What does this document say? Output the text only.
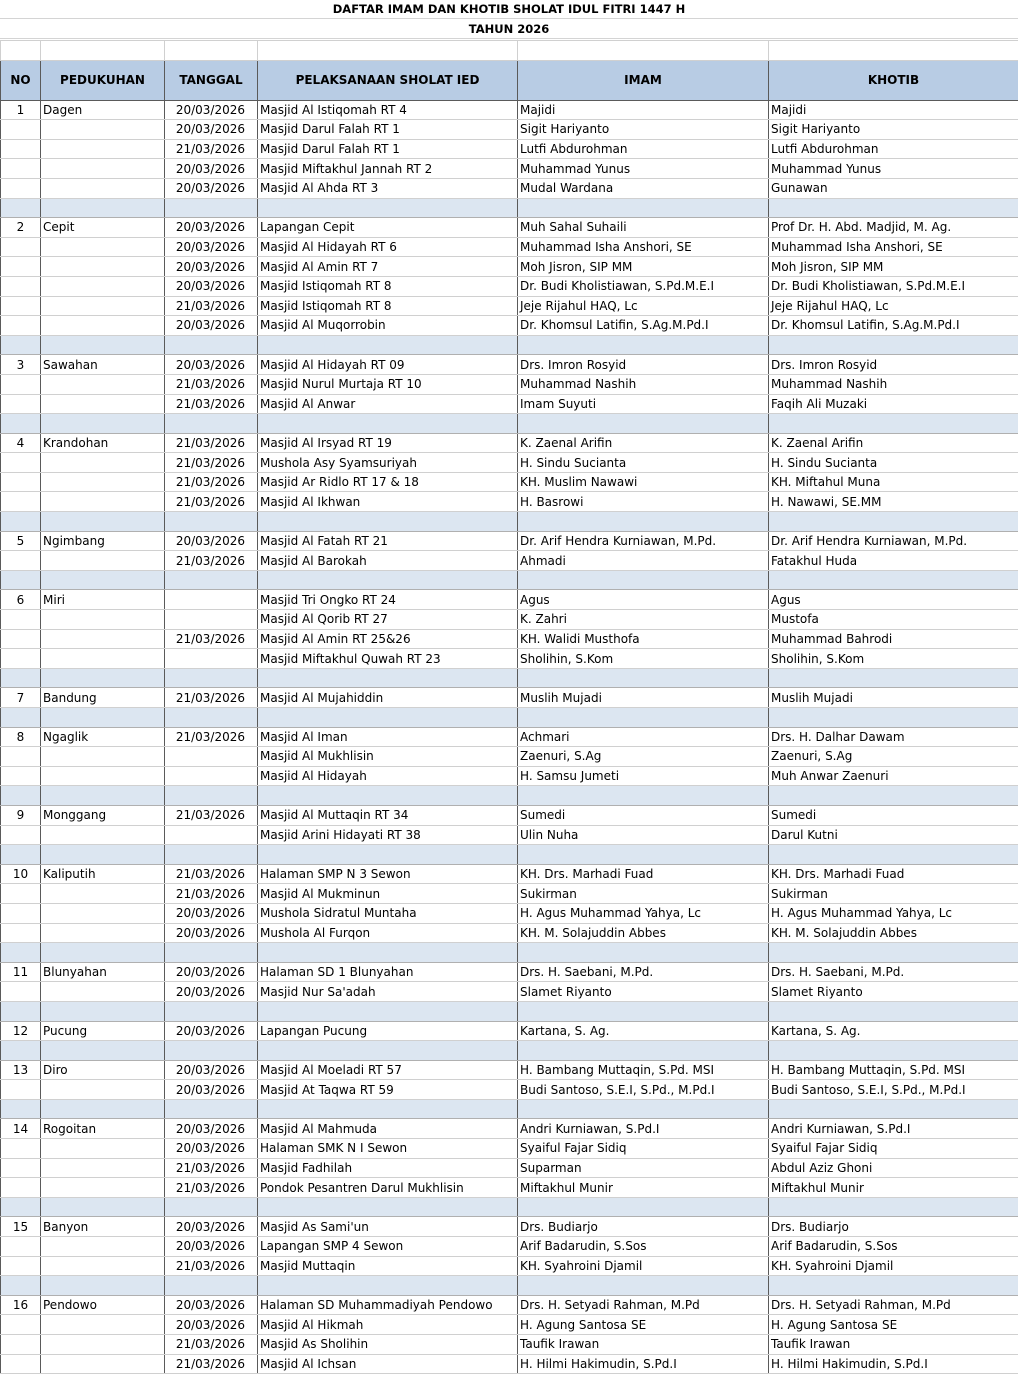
DAFTAR IMAM DAN KHOTIB SHOLAT IDUL FITRI 1447 H
TAHUN 2026

NO	PEDUKUHAN	TANGGAL	PELAKSANAAN SHOLAT IED	IMAM	KHOTIB
1	Dagen	20/03/2026	Masjid Al Istiqomah RT 4	Majidi	Majidi
		20/03/2026	Masjid Darul Falah RT 1	Sigit Hariyanto	Sigit Hariyanto
		21/03/2026	Masjid Darul Falah RT 1	Lutfi Abdurohman	Lutfi Abdurohman
		20/03/2026	Masjid Miftakhul Jannah RT 2	Muhammad Yunus	Muhammad Yunus
		20/03/2026	Masjid Al Ahda RT 3	Mudal Wardana	Gunawan

2	Cepit	20/03/2026	Lapangan Cepit	Muh Sahal Suhaili	Prof Dr. H. Abd. Madjid, M. Ag.
		20/03/2026	Masjid Al Hidayah RT 6	Muhammad Isha Anshori, SE	Muhammad Isha Anshori, SE
		20/03/2026	Masjid Al Amin RT 7	Moh Jisron, SIP MM	Moh Jisron, SIP MM
		20/03/2026	Masjid Istiqomah RT 8	Dr. Budi Kholistiawan, S.Pd.M.E.I	Dr. Budi Kholistiawan, S.Pd.M.E.I
		21/03/2026	Masjid Istiqomah RT 8	Jeje Rijahul HAQ, Lc	Jeje Rijahul HAQ, Lc
		20/03/2026	Masjid Al Muqorrobin	Dr. Khomsul Latifin, S.Ag.M.Pd.I	Dr. Khomsul Latifin, S.Ag.M.Pd.I

3	Sawahan	20/03/2026	Masjid Al Hidayah RT 09	Drs. Imron Rosyid	Drs. Imron Rosyid
		21/03/2026	Masjid Nurul Murtaja RT 10	Muhammad Nashih	Muhammad Nashih
		21/03/2026	Masjid Al Anwar	Imam Suyuti	Faqih Ali Muzaki

4	Krandohan	21/03/2026	Masjid Al Irsyad RT 19	K. Zaenal Arifin	K. Zaenal Arifin
		21/03/2026	Mushola Asy Syamsuriyah	H. Sindu Sucianta	H. Sindu Sucianta
		21/03/2026	Masjid Ar Ridlo RT 17 & 18	KH. Muslim Nawawi	KH. Miftahul Muna
		21/03/2026	Masjid Al Ikhwan	H. Basrowi	H. Nawawi, SE.MM

5	Ngimbang	20/03/2026	Masjid Al Fatah RT 21	Dr. Arif Hendra Kurniawan, M.Pd.	Dr. Arif Hendra Kurniawan, M.Pd.
		21/03/2026	Masjid Al Barokah	Ahmadi	Fatakhul Huda

6	Miri		Masjid Tri Ongko RT 24	Agus	Agus
			Masjid Al Qorib RT 27	K. Zahri	Mustofa
		21/03/2026	Masjid Al Amin RT 25&26	KH. Walidi Musthofa	Muhammad Bahrodi
			Masjid Miftakhul Quwah RT 23	Sholihin, S.Kom	Sholihin, S.Kom

7	Bandung	21/03/2026	Masjid Al Mujahiddin	Muslih Mujadi	Muslih Mujadi

8	Ngaglik	21/03/2026	Masjid Al Iman	Achmari	Drs. H. Dalhar Dawam
			Masjid Al Mukhlisin	Zaenuri, S.Ag	Zaenuri, S.Ag
			Masjid Al Hidayah	H. Samsu Jumeti	Muh Anwar Zaenuri

9	Monggang	21/03/2026	Masjid Al Muttaqin RT 34	Sumedi	Sumedi
			Masjid Arini Hidayati RT 38	Ulin Nuha	Darul Kutni

10	Kaliputih	21/03/2026	Halaman SMP N 3 Sewon	KH. Drs. Marhadi Fuad	KH. Drs. Marhadi Fuad
		21/03/2026	Masjid Al Mukminun	Sukirman	Sukirman
		20/03/2026	Mushola Sidratul Muntaha	H. Agus Muhammad Yahya, Lc	H. Agus Muhammad Yahya, Lc
		20/03/2026	Mushola Al Furqon	KH. M. Solajuddin Abbes	KH. M. Solajuddin Abbes

11	Blunyahan	20/03/2026	Halaman SD 1 Blunyahan	Drs. H. Saebani, M.Pd.	Drs. H. Saebani, M.Pd.
		20/03/2026	Masjid Nur Sa'adah	Slamet Riyanto	Slamet Riyanto

12	Pucung	20/03/2026	Lapangan Pucung	Kartana, S. Ag.	Kartana, S. Ag.

13	Diro	20/03/2026	Masjid Al Moeladi RT 57	H. Bambang Muttaqin, S.Pd. MSI	H. Bambang Muttaqin, S.Pd. MSI
		20/03/2026	Masjid At Taqwa RT 59	Budi Santoso, S.E.I, S.Pd., M.Pd.I	Budi Santoso, S.E.I, S.Pd., M.Pd.I

14	Rogoitan	20/03/2026	Masjid Al Mahmuda	Andri Kurniawan, S.Pd.I	Andri Kurniawan, S.Pd.I
		20/03/2026	Halaman SMK N I Sewon	Syaiful Fajar Sidiq	Syaiful Fajar Sidiq
		21/03/2026	Masjid Fadhilah	Suparman	Abdul Aziz Ghoni
		21/03/2026	Pondok Pesantren Darul Mukhlisin	Miftakhul Munir	Miftakhul Munir

15	Banyon	20/03/2026	Masjid As Sami'un	Drs. Budiarjo	Drs. Budiarjo
		20/03/2026	Lapangan SMP 4 Sewon	Arif Badarudin, S.Sos	Arif Badarudin, S.Sos
		21/03/2026	Masjid Muttaqin	KH. Syahroini Djamil	KH. Syahroini Djamil

16	Pendowo	20/03/2026	Halaman SD Muhammadiyah Pendowo	Drs. H. Setyadi Rahman, M.Pd	Drs. H. Setyadi Rahman, M.Pd
		20/03/2026	Masjid Al Hikmah	H. Agung Santosa SE	H. Agung Santosa SE
		21/03/2026	Masjid As Sholihin	Taufik Irawan	Taufik Irawan
		21/03/2026	Masjid Al Ichsan	H. Hilmi Hakimudin, S.Pd.I	H. Hilmi Hakimudin, S.Pd.I
